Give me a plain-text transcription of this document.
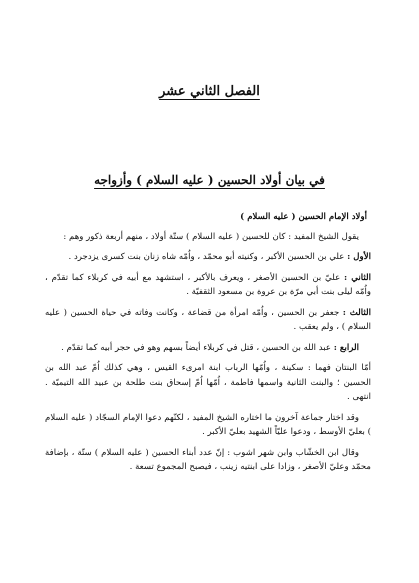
الفصل الثاني عشر
في بيان أولاد الحسين ( عليه السلام ) وأزواجه
أولاد الإمام الحسين ( عليه السلام )

يقول الشيخ المفيد : كان للحسين ( عليه السلام ) ستّة أولاد ، منهم أربعة ذكور وهم :

الأول : علي بن الحسين الأكبر ، وكنيته أبو محمّد ، واُمّه شاه زنان بنت كسرى يزدجرد .

الثاني : عليّ بن الحسين الأصغر ، ويعرف بالأكبر ، استشهد مع أبيه في كربلاء كما تقدّم ، واُمّه ليلى بنت أبي مرّة بن عروة بن مسعود الثقفيّة .

الثالث : جعفر بن الحسين ، واُمّه امرأة من قضاعة ، وكانت وفاته في حياة الحسين ( عليه السلام ) ، ولم يعقب .

الرابع : عبد الله بن الحسين ، قتل في كربلاء أيضاً بسهم وهو في حجر أبيه كما تقدّم .

أمّا البنتان فهما : سكينة ، واُمّها الرباب ابنة امرىء القيس ، وهي كذلك اُمّ عبد الله بن الحسين ؛ والبنت الثانية واسمها فاطمة ، اُمّها اُمّ إسحاق بنت طلحة بن عبيد الله التيميّة . انتهى .

وقد اختار جماعة آخرون ما اختاره الشيخ المفيد ، لكنّهم دعوا الإمام السجّاد ( عليه السلام ) بعليّ الأوسط ، ودعوا عليّاً الشهيد بعليّ الأكبر .

وقال ابن الخشّاب وابن شهر اشوب : إنّ عدد أبناء الحسين ( عليه السلام ) ستّة ، بإضافة محمّد وعليّ الأصغر ، وزادا على ابنتيه زينب ، فيصبح المجموع تسعة .
